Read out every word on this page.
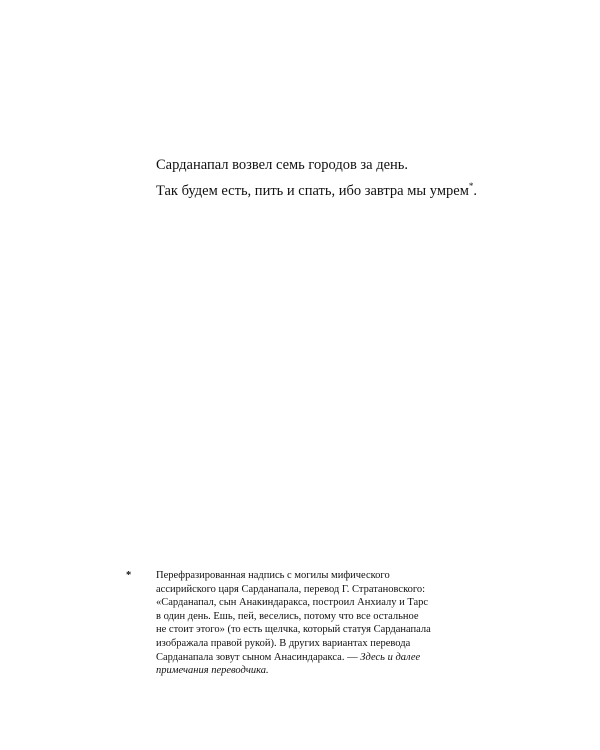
Сарданапал возвел семь городов за день.
Так будем есть, пить и спать, ибо завтра мы умрем*.
* Перефразированная надпись с могилы мифического
ассирийского царя Сарданапала, перевод Г. Стратановского:
«Сарданапал, сын Анакиндаракса, построил Анхиалу и Тарс
в один день. Ешь, пей, веселись, потому что все остальное
не стоит этого» (то есть щелчка, который статуя Сарданапала
изображала правой рукой). В других вариантах перевода
Сарданапала зовут сыном Анасиндаракса. — Здесь и далее
примечания переводчика.
